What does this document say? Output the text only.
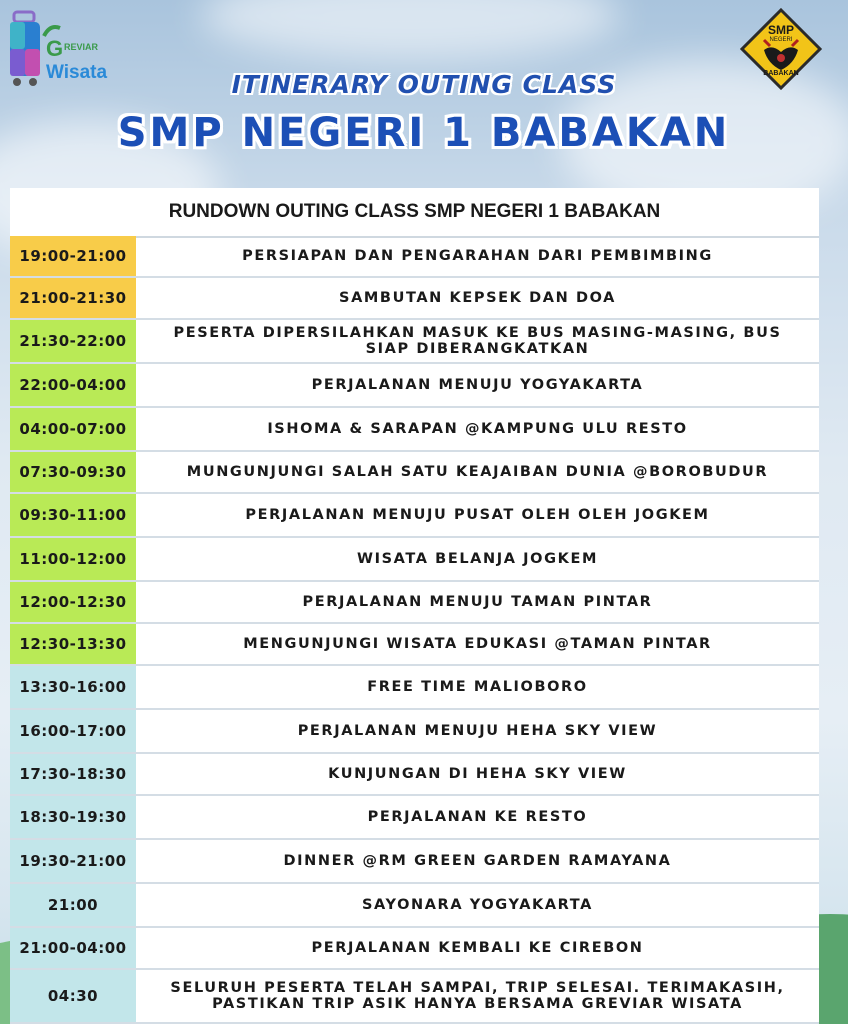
G REVIAR
Wisata
SMP
NEGERI
BABAKAN
ITINERARY OUTING CLASS
SMP NEGERI 1 BABAKAN
RUNDOWN OUTING CLASS SMP NEGERI 1 BABAKAN
19:00-21:00	PERSIAPAN DAN PENGARAHAN DARI PEMBIMBING
21:00-21:30	SAMBUTAN KEPSEK DAN DOA
21:30-22:00	PESERTA DIPERSILAHKAN MASUK KE BUS MASING-MASING, BUS SIAP DIBERANGKATKAN
22:00-04:00	PERJALANAN MENUJU YOGYAKARTA
04:00-07:00	ISHOMA & SARAPAN @KAMPUNG ULU RESTO
07:30-09:30	MUNGUNJUNGI SALAH SATU KEAJAIBAN DUNIA @BOROBUDUR
09:30-11:00	PERJALANAN MENUJU PUSAT OLEH OLEH JOGKEM
11:00-12:00	WISATA BELANJA JOGKEM
12:00-12:30	PERJALANAN MENUJU TAMAN PINTAR
12:30-13:30	MENGUNJUNGI WISATA EDUKASI @TAMAN PINTAR
13:30-16:00	FREE TIME MALIOBORO
16:00-17:00	PERJALANAN MENUJU HEHA SKY VIEW
17:30-18:30	KUNJUNGAN DI HEHA SKY VIEW
18:30-19:30	PERJALANAN KE RESTO
19:30-21:00	DINNER @RM GREEN GARDEN RAMAYANA
21:00	SAYONARA YOGYAKARTA
21:00-04:00	PERJALANAN KEMBALI KE CIREBON
04:30	SELURUH PESERTA TELAH SAMPAI, TRIP SELESAI. TERIMAKASIH, PASTIKAN TRIP ASIK HANYA BERSAMA GREVIAR WISATA
